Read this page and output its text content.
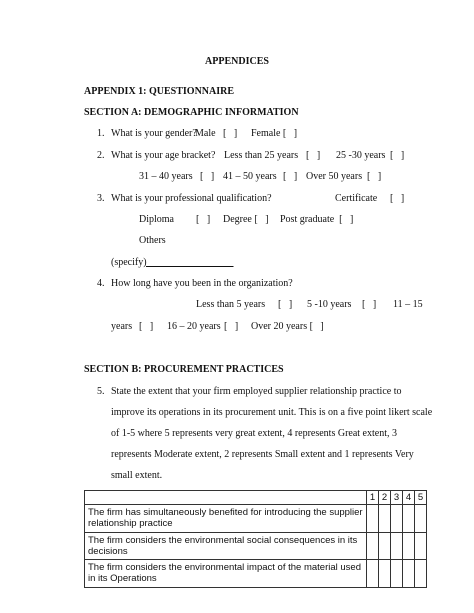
APPENDICES
APPENDIX 1: QUESTIONNAIRE
SECTION A: DEMOGRAPHIC INFORMATION
1. What is your gender?
Male   [   ] Female [   ]
2. What is your age bracket? Less than 25 years [   ] 25 -30 years [   ]
31 – 40 years [   ] 41 – 50 years [   ] Over 50 years [   ]
3. What is your professional qualification?	Certificate [   ]
Diploma [   ] Degree [   ] Post graduate  [   ]
Others
(specify)

4. How long have you been in the organization?
Less than 5 years [   ] 5 -10 years [   ] 11 – 15
years [   ] 16 – 20 years [   ] Over 20 years [   ]
SECTION B: PROCUREMENT PRACTICES
5. State the extent that your firm employed supplier relationship practice to
improve its operations in its procurement unit. This is on a five point likert scale
of 1-5 where 5 represents very great extent, 4 represents Great extent, 3
represents Moderate extent, 2 represents Small extent and 1 represents Very
small extent.
	1	2	3	4	5
The firm has simultaneously benefited for introducing the supplier relationship practice					
The firm considers the environmental social consequences in its decisions					
The firm considers the environmental impact of the material used in its Operations					
